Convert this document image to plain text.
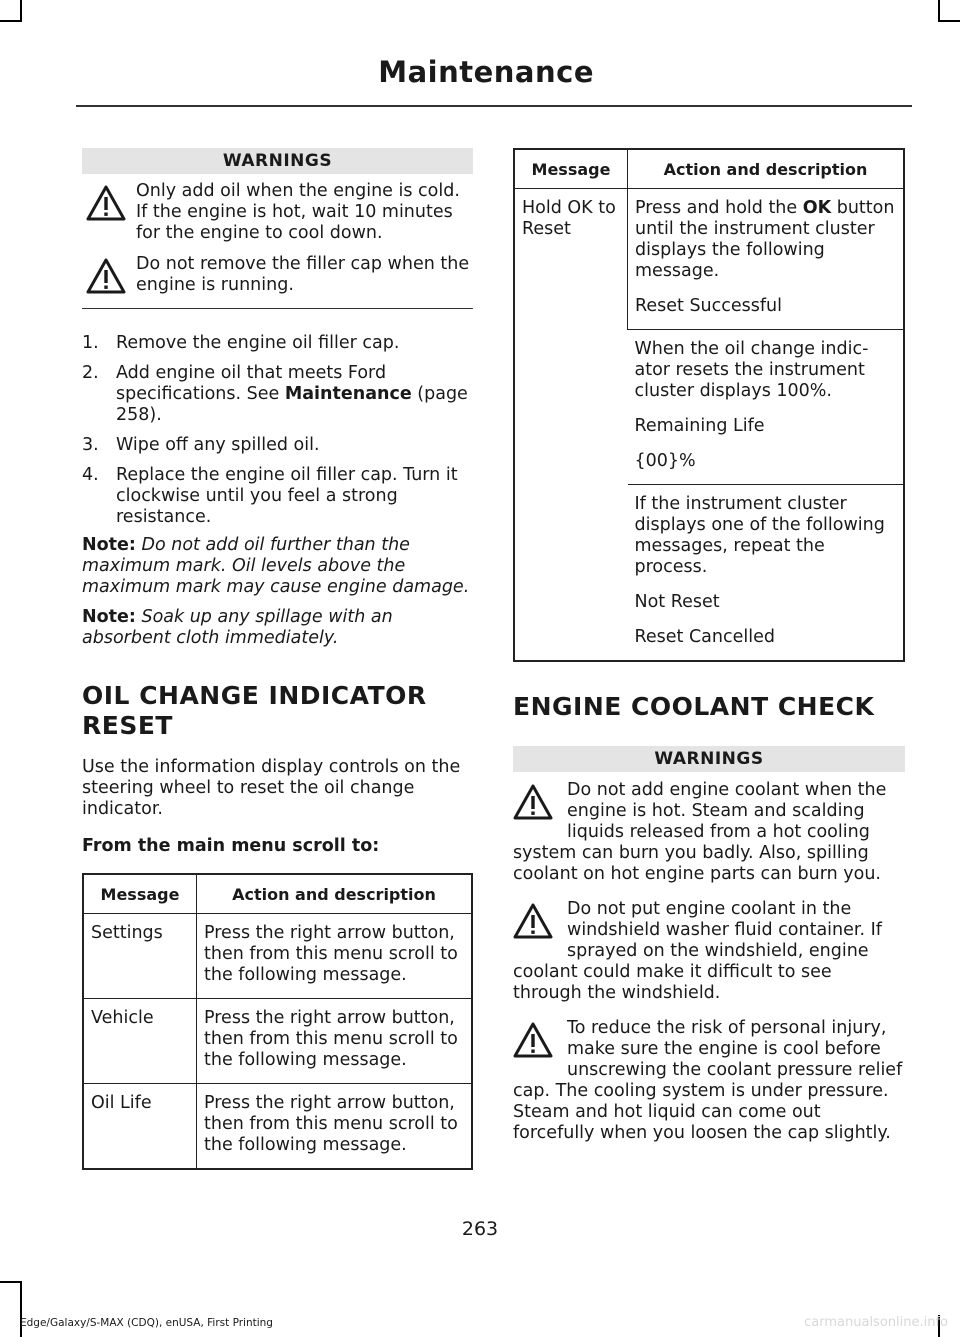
Maintenance
WARNINGS
Only add oil when the engine is cold. If the engine is hot, wait 10 minutes for the engine to cool down.
Do not remove the filler cap when the engine is running.
1. Remove the engine oil filler cap.
2. Add engine oil that meets Ford specifications. See Maintenance (page 258).
3. Wipe off any spilled oil.
4. Replace the engine oil filler cap. Turn it clockwise until you feel a strong resistance.
Note: Do not add oil further than the maximum mark. Oil levels above the maximum mark may cause engine damage.
Note: Soak up any spillage with an absorbent cloth immediately.
OIL CHANGE INDICATOR
RESET
Use the information display controls on the steering wheel to reset the oil change indicator.
From the main menu scroll to:
Message	Action and description
Settings	Press the right arrow button, then from this menu scroll to the following message.
Vehicle	Press the right arrow button, then from this menu scroll to the following message.
Oil Life	Press the right arrow button, then from this menu scroll to the following message.
Message	Action and description
Hold OK to Reset	Press and hold the OK button until the instrument cluster displays the following message.

Reset Successful

	When the oil change indic-ator resets the instrument cluster displays 100%.

Remaining Life

{00}%

	If the instrument cluster displays one of the following messages, repeat the process.

Not Reset

Reset Cancelled

ENGINE COOLANT CHECK
WARNINGS
Do not add engine coolant when the engine is hot. Steam and scalding liquids released from a hot cooling system can burn you badly. Also, spilling coolant on hot engine parts can burn you.
Do not put engine coolant in the windshield washer fluid container. If sprayed on the windshield, engine coolant could make it difficult to see through the windshield.
To reduce the risk of personal injury, make sure the engine is cool before unscrewing the coolant pressure relief cap. The cooling system is under pressure. Steam and hot liquid can come out forcefully when you loosen the cap slightly.
263
Edge/Galaxy/S-MAX (CDQ), enUSA, First Printing	carmanualsonline.info
